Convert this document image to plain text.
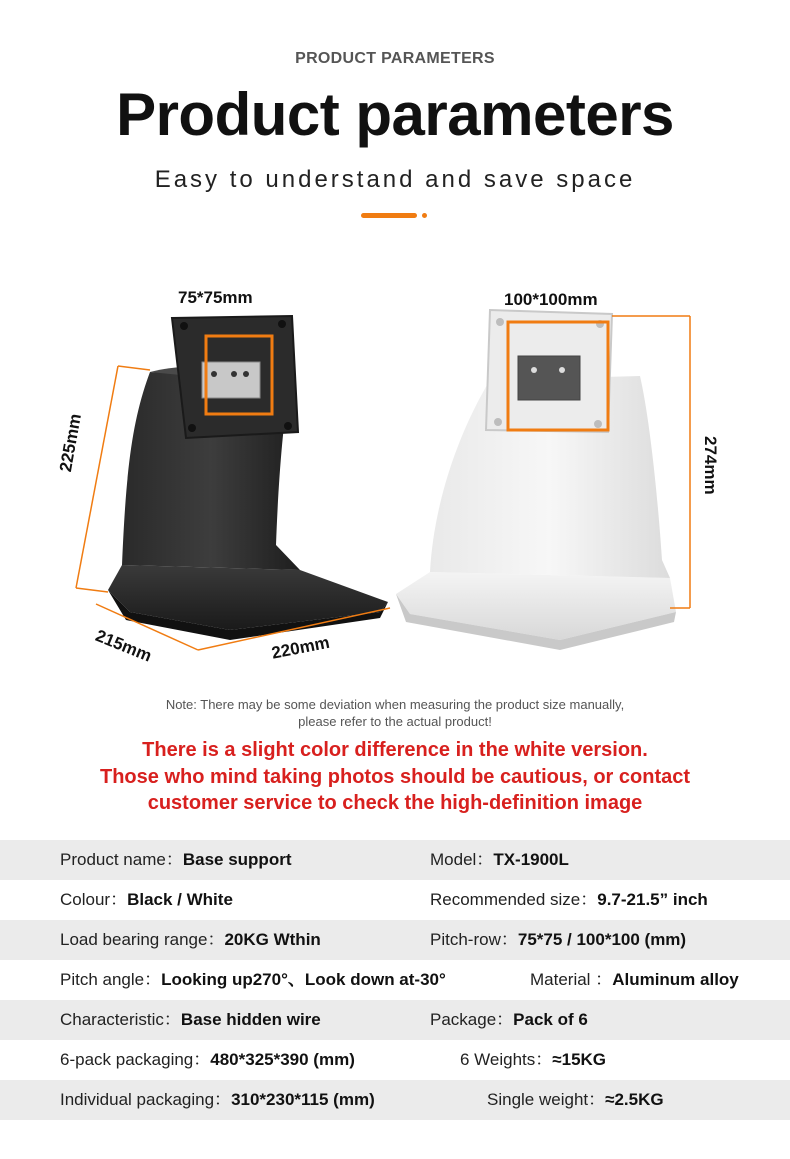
PRODUCT PARAMETERS
Product parameters
Easy to understand and save space
75*75mm	100*100mm
225mm	274mm
215mm	220mm
Note: There may be some deviation when measuring the product size manually,
please refer to the actual product!
There is a slight color difference in the white version.
Those who mind taking photos should be cautious, or contact
customer service to check the high-definition image
Product name：Base support	Model：TX-1900L
Colour：Black / White	Recommended size：9.7-21.5” inch
Load bearing range：20KG Wthin	Pitch-row：75*75 / 100*100 (mm)
Pitch angle：Looking up270°、Look down at-30°	Material ：Aluminum alloy
Characteristic：Base hidden wire	Package：Pack of 6
6-pack packaging：480*325*390 (mm)	6 Weights：≈15KG
Individual packaging：310*230*115 (mm)	Single weight：≈2.5KG
